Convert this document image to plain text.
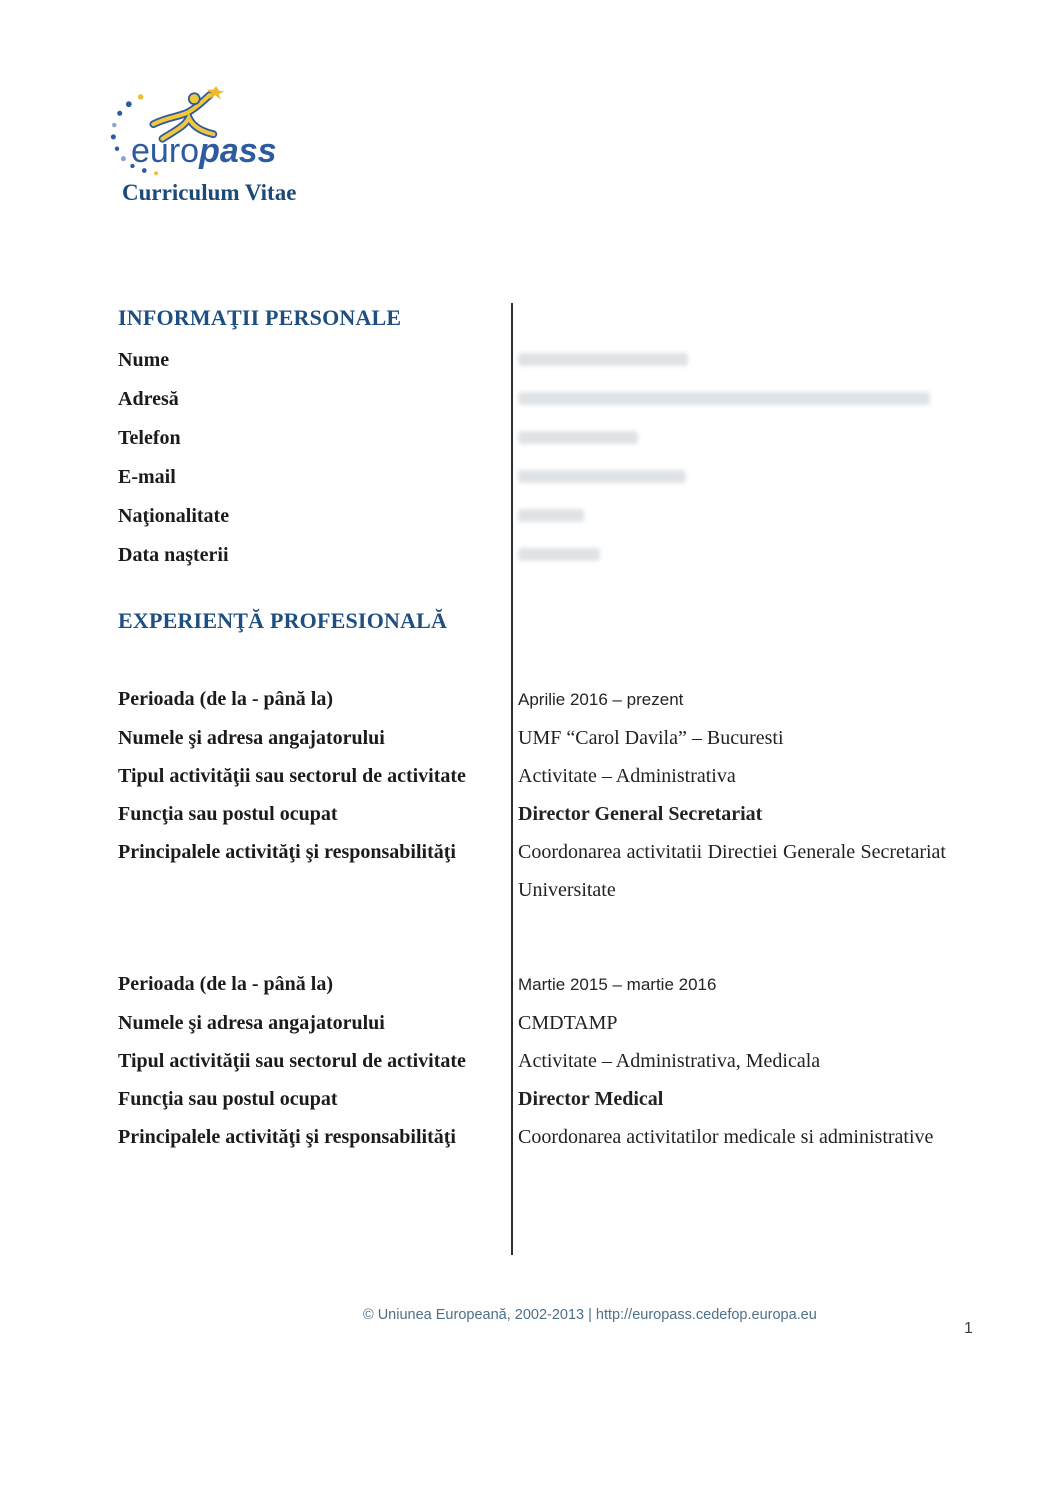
europass
Curriculum Vitae
INFORMAŢII PERSONALE
Nume
Adresă
Telefon
E-mail
Naţionalitate
Data naşterii
EXPERIENŢĂ PROFESIONALĂ
Perioada (de la - până la)	Aprilie 2016 – prezent
Numele şi adresa angajatorului	UMF “Carol Davila” – Bucuresti
Tipul activităţii sau sectorul de activitate	Activitate – Administrativa
Funcţia sau postul ocupat	Director General Secretariat
Principalele activităţi şi responsabilităţi	Coordonarea activitatii Directiei Generale Secretariat Universitate
Perioada (de la - până la)	Martie 2015 – martie 2016
Numele şi adresa angajatorului	CMDTAMP
Tipul activităţii sau sectorul de activitate	Activitate – Administrativa, Medicala
Funcţia sau postul ocupat	Director Medical
Principalele activităţi şi responsabilităţi	Coordonarea activitatilor medicale si administrative
© Uniunea Europeană, 2002-2013 | http://europass.cedefop.europa.eu
1
